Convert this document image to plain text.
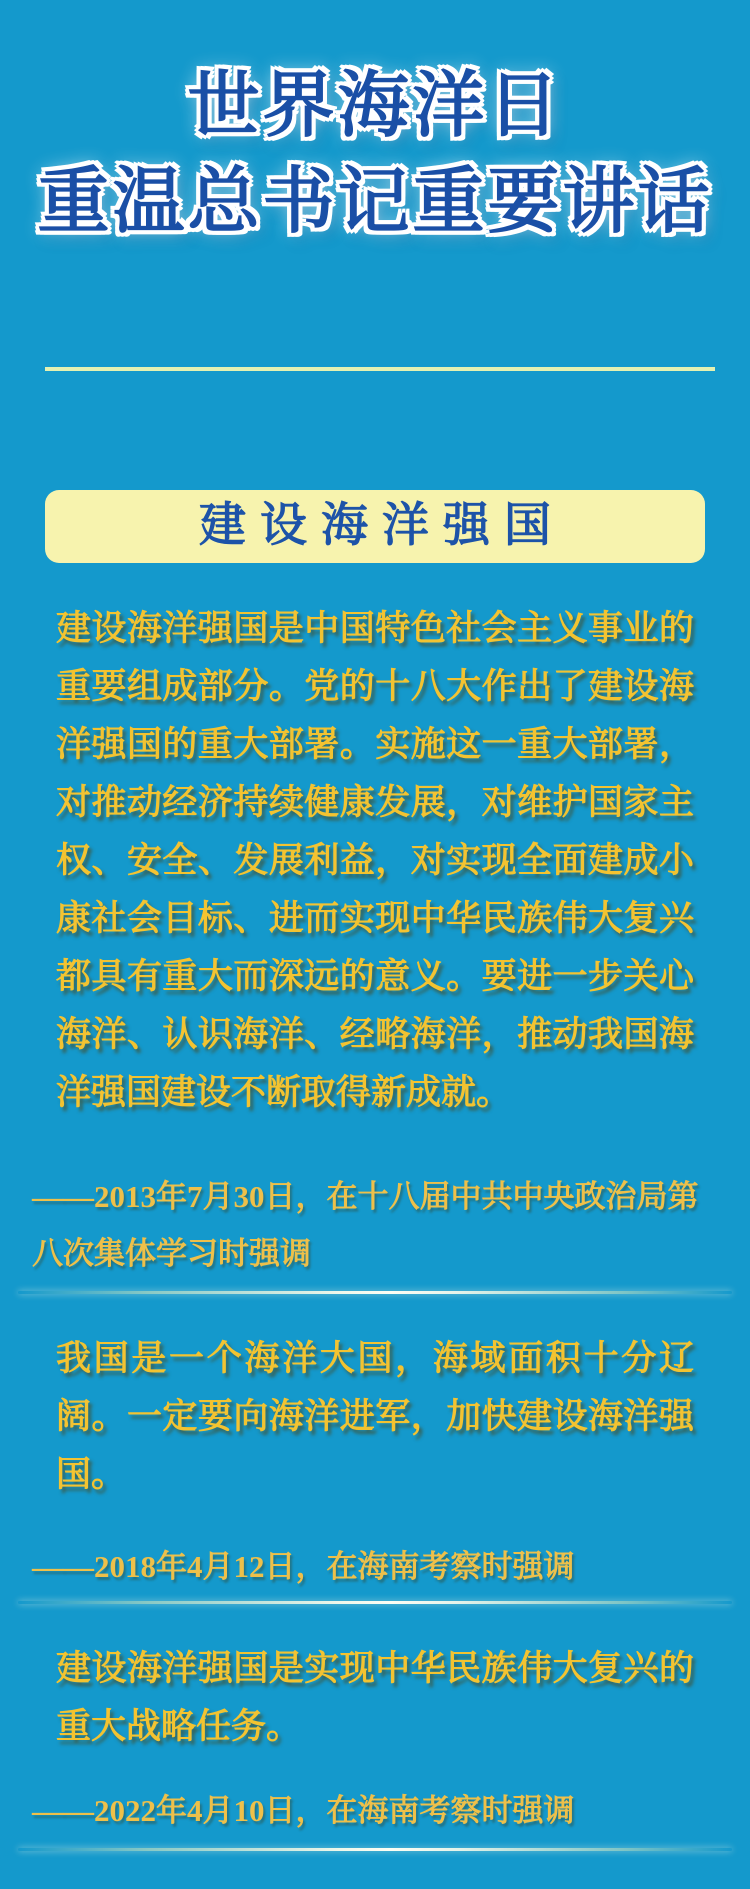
世界海洋日
重温总书记重要讲话
建设海洋强国
建设海洋强国是中国特色社会主义事业的重要组成部分。党的十八大作出了建设海洋强国的重大部署。实施这一重大部署，对推动经济持续健康发展，对维护国家主权、安全、发展利益，对实现全面建成小康社会目标、进而实现中华民族伟大复兴都具有重大而深远的意义。要进一步关心海洋、认识海洋、经略海洋，推动我国海洋强国建设不断取得新成就。
——2013年7月30日，在十八届中共中央政治局第八次集体学习时强调
我国是一个海洋大国，海域面积十分辽阔。一定要向海洋进军，加快建设海洋强国。
——2018年4月12日，在海南考察时强调
建设海洋强国是实现中华民族伟大复兴的重大战略任务。
——2022年4月10日，在海南考察时强调
